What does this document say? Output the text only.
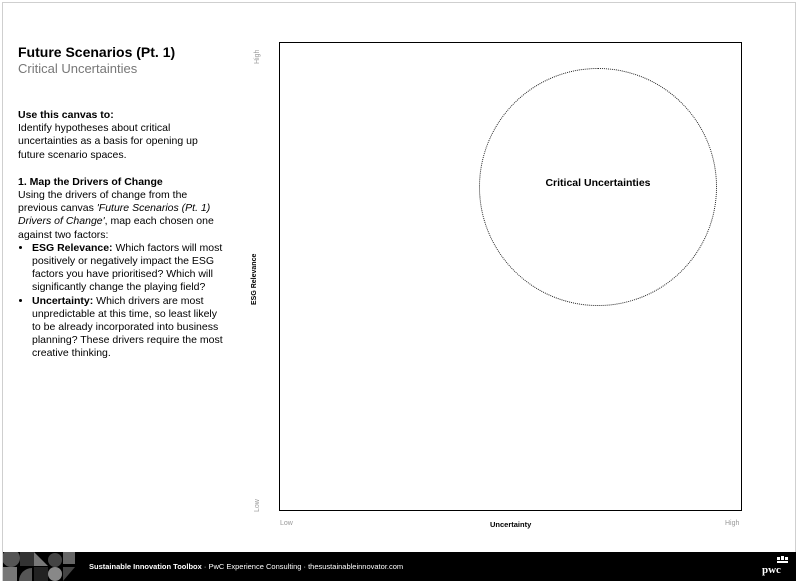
Future Scenarios (Pt. 1)
Critical Uncertainties

Use this canvas to:

Identify hypotheses about critical uncertainties as a basis for opening up future scenario spaces.

1. Map the Drivers of Change

Using the drivers of change from the previous canvas 'Future Scenarios (Pt. 1) Drivers of Change', map each chosen one against two factors:

• ESG Relevance: Which factors will most positively or negatively impact the ESG factors you have prioritised? Which will significantly change the playing field?
• Uncertainty: Which drivers are most unpredictable at this time, so least likely to be already incorporated into business planning? These drivers require the most creative thinking.
High
Low
ESG Relevance
Critical Uncertainties
Low	Uncertainty	High
Sustainable Innovation Toolbox · PwC Experience Consulting · thesustainableinnovator.com	pwc
